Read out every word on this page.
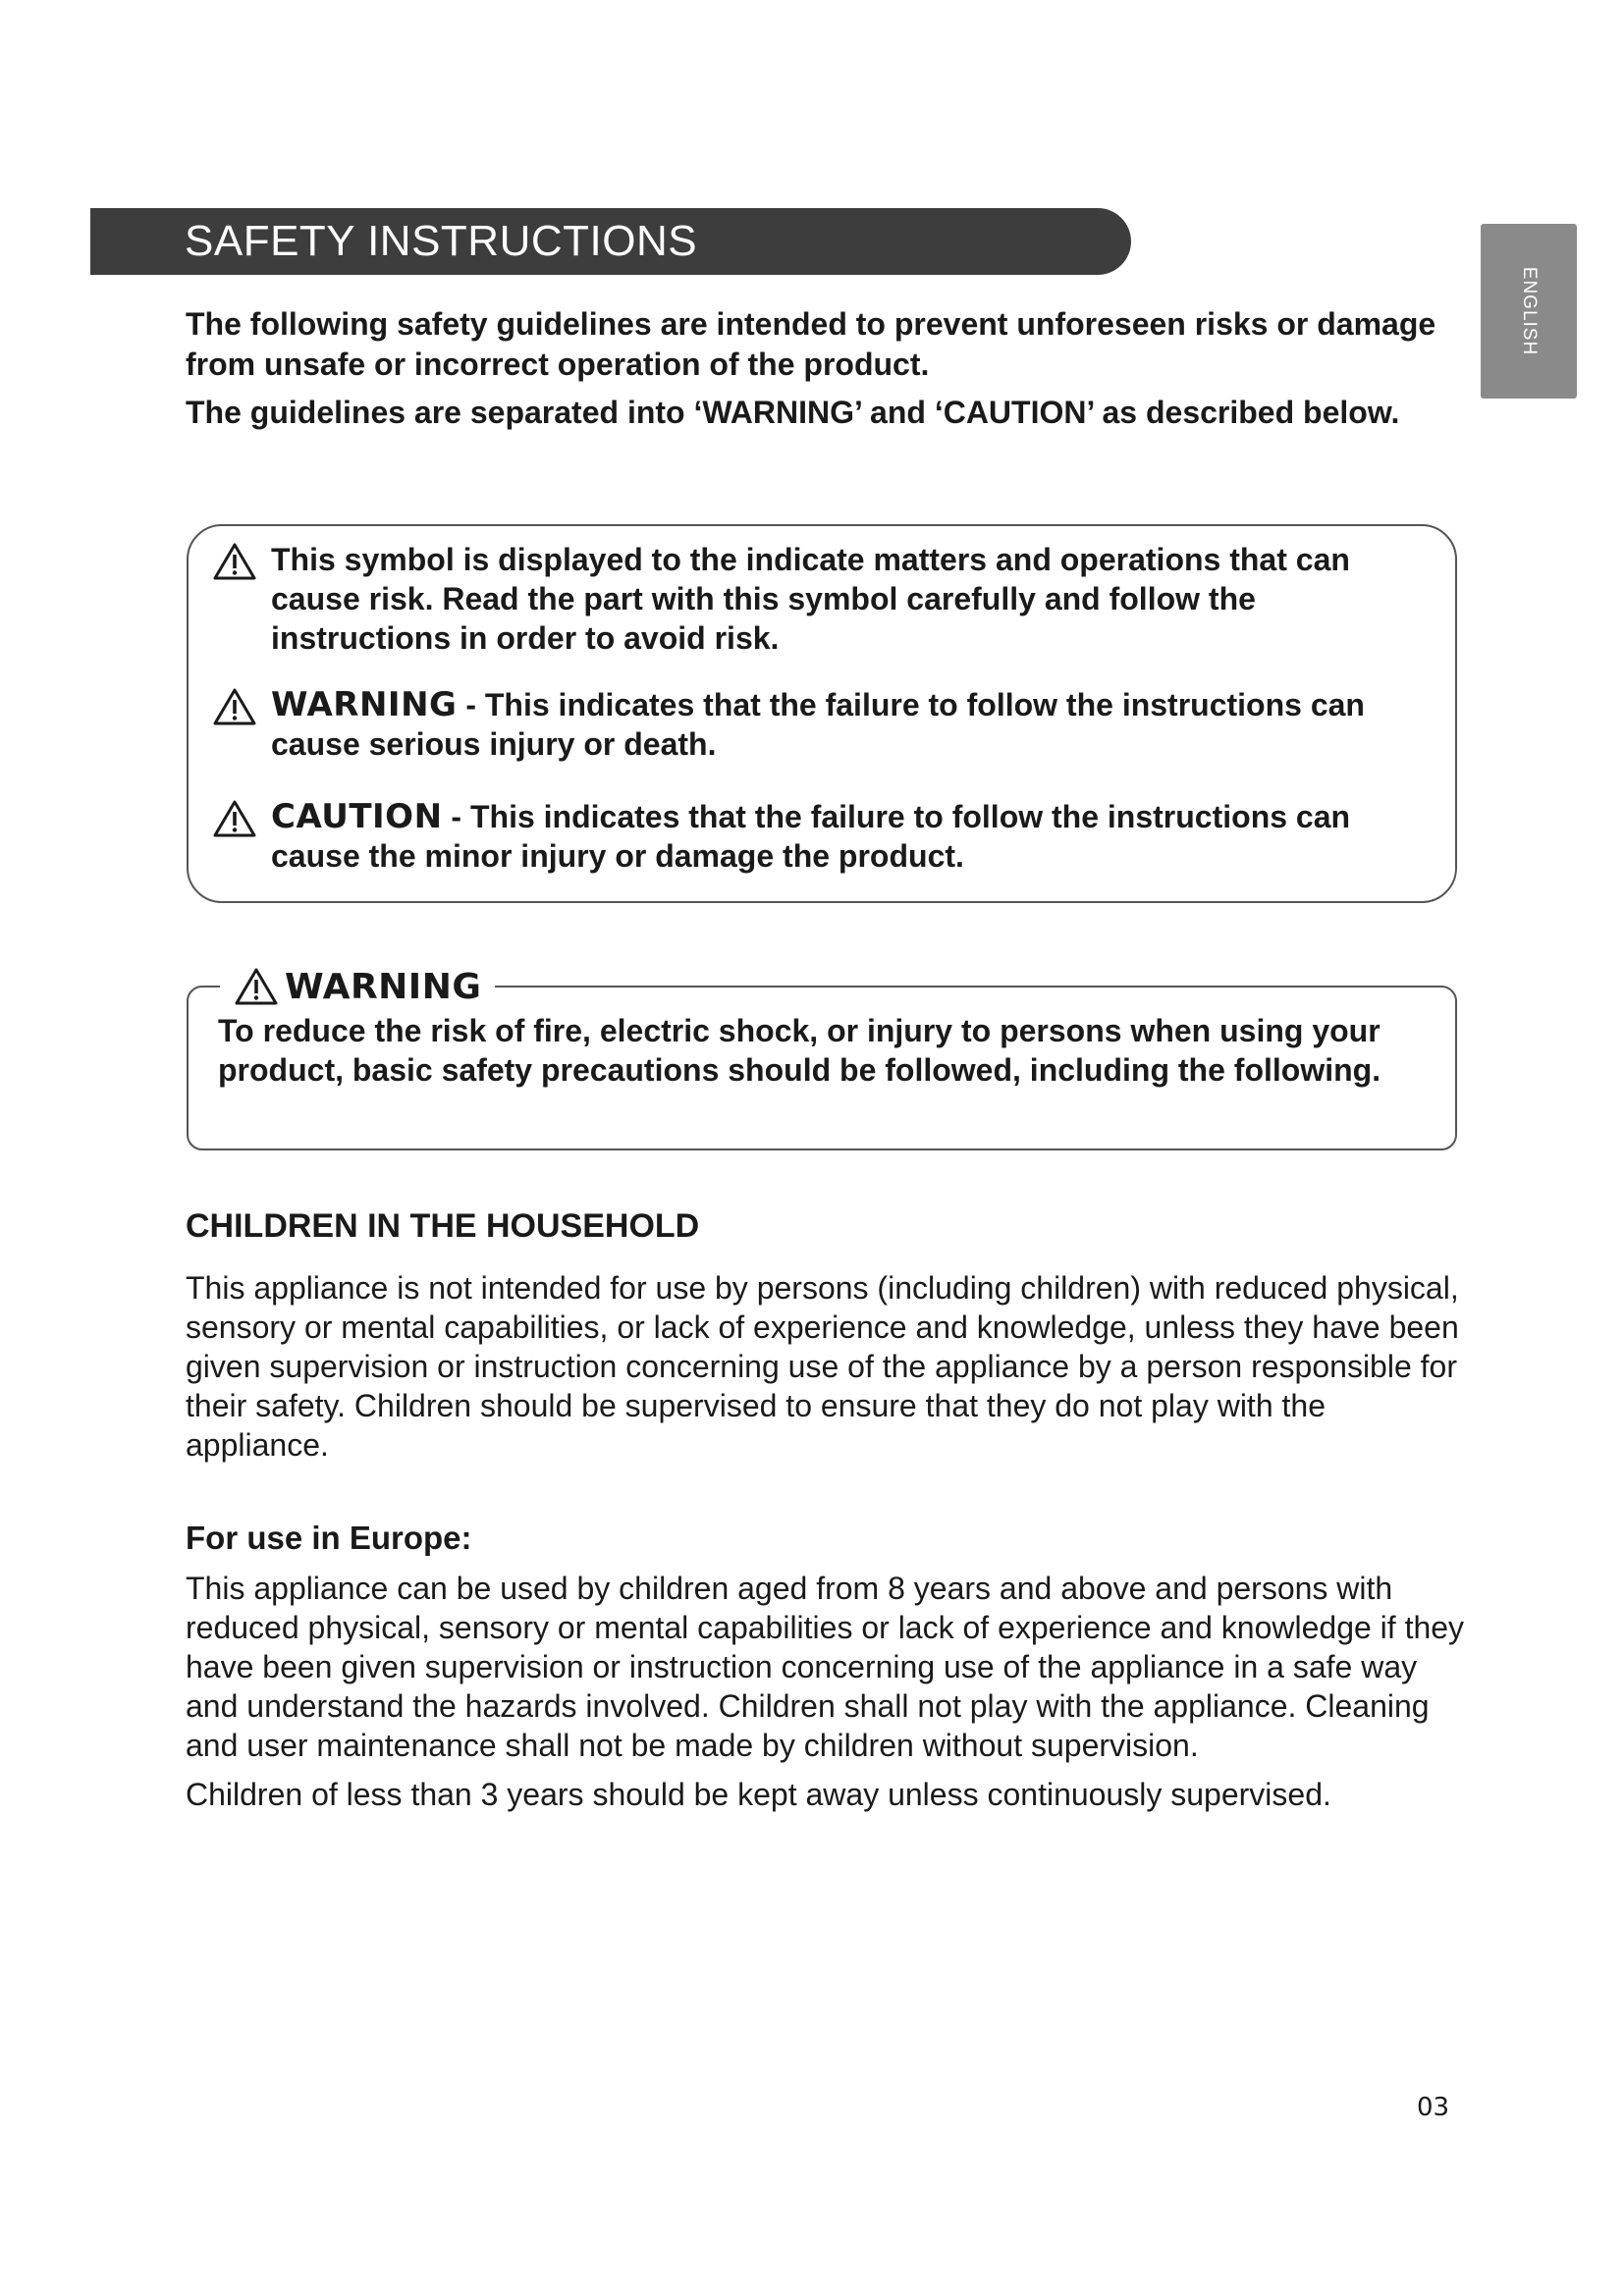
SAFETY INSTRUCTIONS
ENGLISH

The following safety guidelines are intended to prevent unforeseen risks or damage from unsafe or incorrect operation of the product.

The guidelines are separated into ‘WARNING’ and ‘CAUTION’ as described below.

This symbol is displayed to the indicate matters and operations that can cause risk. Read the part with this symbol carefully and follow the instructions in order to avoid risk.
WARNING - This indicates that the failure to follow the instructions can cause serious injury or death.
CAUTION - This indicates that the failure to follow the instructions can cause the minor injury or damage the product.
WARNING
To reduce the risk of fire, electric shock, or injury to persons when using your product, basic safety precautions should be followed, including the following.
CHILDREN IN THE HOUSEHOLD

This appliance is not intended for use by persons (including children) with reduced physical, sensory or mental capabilities, or lack of experience and knowledge, unless they have been given supervision or instruction concerning use of the appliance by a person responsible for their safety. Children should be supervised to ensure that they do not play with the appliance.

For use in Europe:

This appliance can be used by children aged from 8 years and above and persons with reduced physical, sensory or mental capabilities or lack of experience and knowledge if they have been given supervision or instruction concerning use of the appliance in a safe way and understand the hazards involved. Children shall not play with the appliance. Cleaning and user maintenance shall not be made by children without supervision.

Children of less than 3 years should be kept away unless continuously supervised.

03
